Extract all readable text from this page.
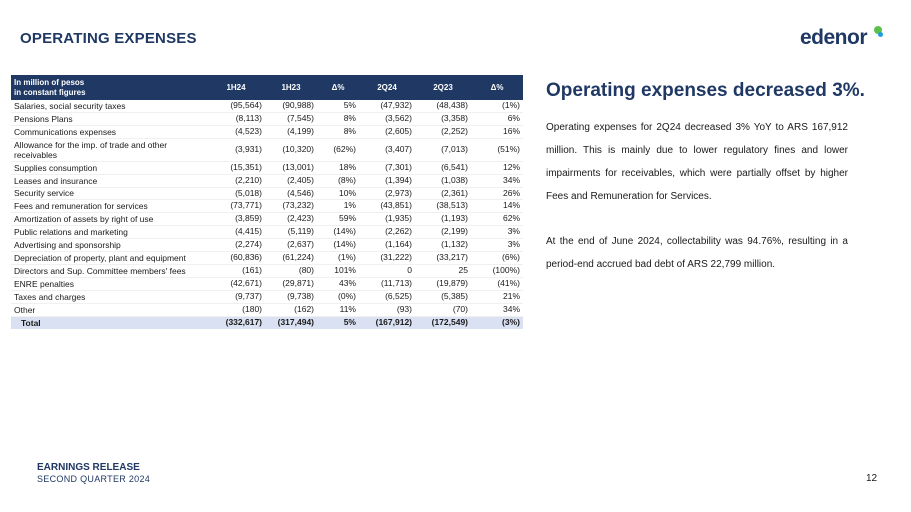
OPERATING EXPENSES	edenor
In million of pesos
in constant figures	1H24	1H23	Δ%	2Q24	2Q23	Δ%
Salaries, social security taxes	(95,564)	(90,988)	5%	(47,932)	(48,438)	(1%)
Pensions Plans	(8,113)	(7,545)	8%	(3,562)	(3,358)	6%
Communications expenses	(4,523)	(4,199)	8%	(2,605)	(2,252)	16%
Allowance for the imp. of trade and other receivables	(3,931)	(10,320)	(62%)	(3,407)	(7,013)	(51%)
Supplies consumption	(15,351)	(13,001)	18%	(7,301)	(6,541)	12%
Leases and insurance	(2,210)	(2,405)	(8%)	(1,394)	(1,038)	34%
Security service	(5,018)	(4,546)	10%	(2,973)	(2,361)	26%
Fees and remuneration for services	(73,771)	(73,232)	1%	(43,851)	(38,513)	14%
Amortization of assets by right of use	(3,859)	(2,423)	59%	(1,935)	(1,193)	62%
Public relations and marketing	(4,415)	(5,119)	(14%)	(2,262)	(2,199)	3%
Advertising and sponsorship	(2,274)	(2,637)	(14%)	(1,164)	(1,132)	3%
Depreciation of property, plant and equipment	(60,836)	(61,224)	(1%)	(31,222)	(33,217)	(6%)
Directors and Sup. Committee members' fees	(161)	(80)	101%	0	25	(100%)
ENRE penalties	(42,671)	(29,871)	43%	(11,713)	(19,879)	(41%)
Taxes and charges	(9,737)	(9,738)	(0%)	(6,525)	(5,385)	21%
Other	(180)	(162)	11%	(93)	(70)	34%
Total	(332,617)	(317,494)	5%	(167,912)	(172,549)	(3%)
Operating expenses decreased 3%.

Operating expenses for 2Q24 decreased 3% YoY to ARS 167,912 million. This is mainly due to lower regulatory fines and lower impairments for receivables, which were partially offset by higher Fees and Remuneration for Services.

At the end of June 2024, collectability was 94.76%, resulting in a period-end accrued bad debt of ARS 22,799 million.

EARNINGS RELEASE
SECOND QUARTER 2024	12
